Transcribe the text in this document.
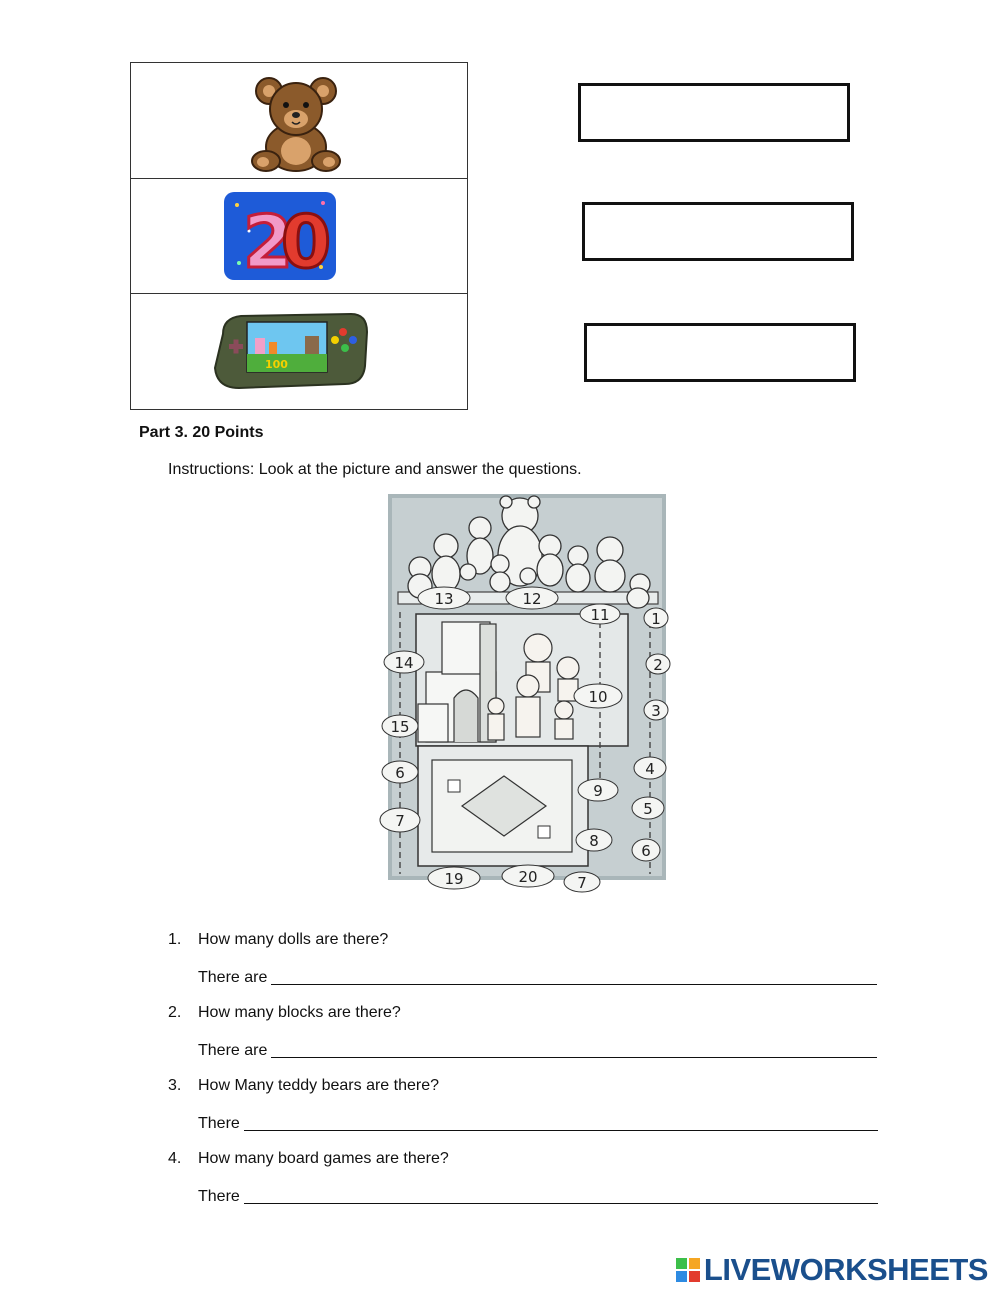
2
0
100
Part 3. 20 Points
Instructions: Look at the picture and answer the questions.
13	12
11	1
14	2
10
3
15
6	4
9
5
7
8
6
19	20	7
1. How many dolls are there?
There are
2. How many blocks are there?
There are
3. How Many teddy bears are there?
There
4. How many board games are there?
There
LIVEWORKSHEETS
